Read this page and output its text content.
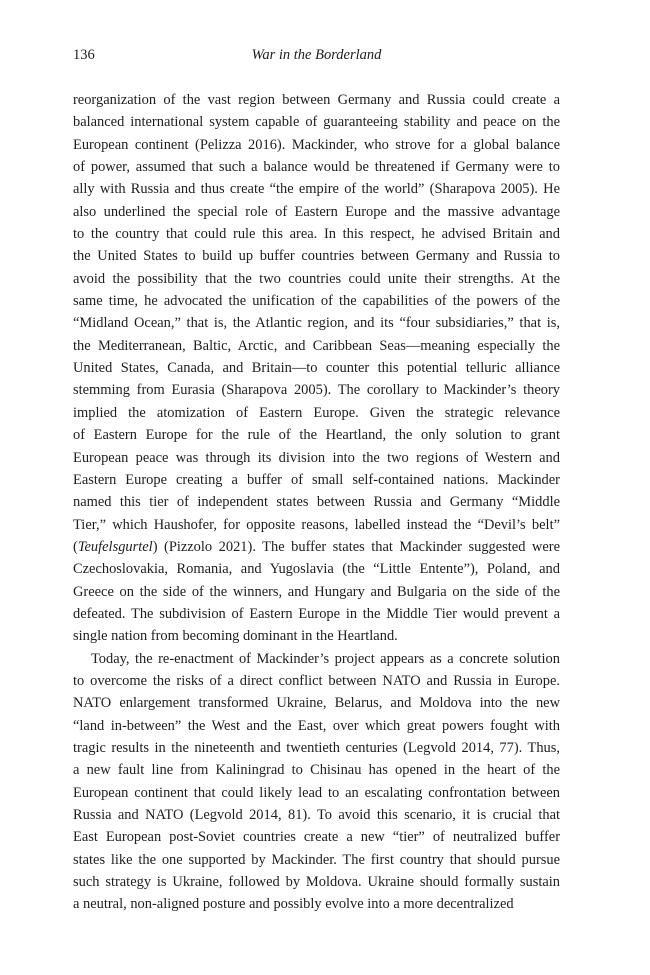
136	War in the Borderland
reorganization of the vast region between Germany and Russia could create a
balanced international system capable of guaranteeing stability and peace on the
European continent (Pelizza 2016). Mackinder, who strove for a global balance
of power, assumed that such a balance would be threatened if Germany were to
ally with Russia and thus create “the empire of the world” (Sharapova 2005). He
also underlined the special role of Eastern Europe and the massive advantage
to the country that could rule this area. In this respect, he advised Britain and
the United States to build up buffer countries between Germany and Russia to
avoid the possibility that the two countries could unite their strengths. At the
same time, he advocated the unification of the capabilities of the powers of the
“Midland Ocean,” that is, the Atlantic region, and its “four subsidiaries,” that is,
the Mediterranean, Baltic, Arctic, and Caribbean Seas—meaning especially the
United States, Canada, and Britain—to counter this potential telluric alliance
stemming from Eurasia (Sharapova 2005). The corollary to Mackinder’s theory
implied the atomization of Eastern Europe. Given the strategic relevance
of Eastern Europe for the rule of the Heartland, the only solution to grant
European peace was through its division into the two regions of Western and
Eastern Europe creating a buffer of small self-contained nations. Mackinder
named this tier of independent states between Russia and Germany “Middle
Tier,” which Haushofer, for opposite reasons, labelled instead the “Devil’s belt”
(Teufelsgurtel) (Pizzolo 2021). The buffer states that Mackinder suggested were
Czechoslovakia, Romania, and Yugoslavia (the “Little Entente”), Poland, and
Greece on the side of the winners, and Hungary and Bulgaria on the side of the
defeated. The subdivision of Eastern Europe in the Middle Tier would prevent a
single nation from becoming dominant in the Heartland.
Today, the re-enactment of Mackinder’s project appears as a concrete solution
to overcome the risks of a direct conflict between NATO and Russia in Europe.
NATO enlargement transformed Ukraine, Belarus, and Moldova into the new
“land in-between” the West and the East, over which great powers fought with
tragic results in the nineteenth and twentieth centuries (Legvold 2014, 77). Thus,
a new fault line from Kaliningrad to Chisinau has opened in the heart of the
European continent that could likely lead to an escalating confrontation between
Russia and NATO (Legvold 2014, 81). To avoid this scenario, it is crucial that
East European post-Soviet countries create a new “tier” of neutralized buffer
states like the one supported by Mackinder. The first country that should pursue
such strategy is Ukraine, followed by Moldova. Ukraine should formally sustain
a neutral, non-aligned posture and possibly evolve into a more decentralized
